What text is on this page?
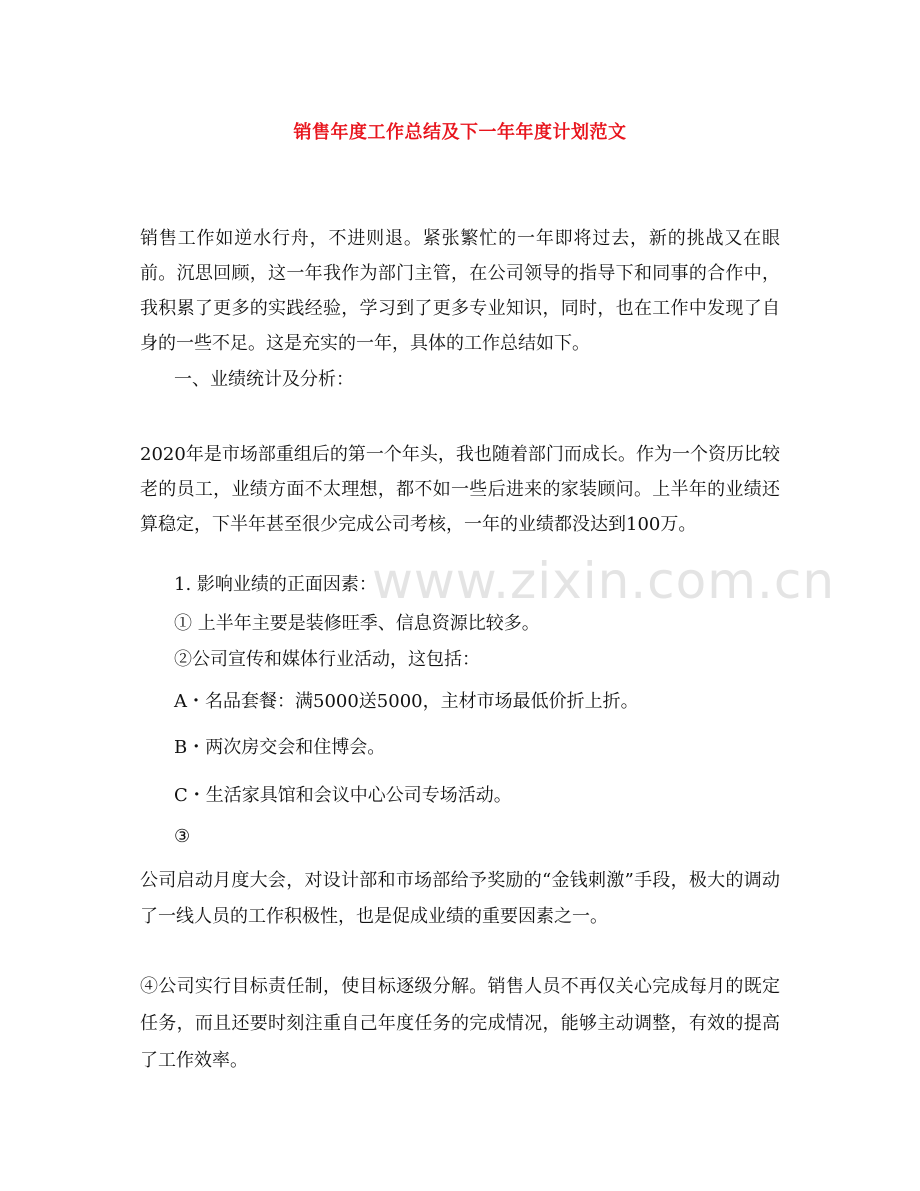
www.zixin.com.cn
销售年度工作总结及下一年年度计划范文

销售工作如逆水行舟，不进则退。紧张繁忙的一年即将过去，新的挑战又在眼前。沉思回顾，这一年我作为部门主管，在公司领导的指导下和同事的合作中，我积累了更多的实践经验，学习到了更多专业知识，同时，也在工作中发现了自身的一些不足。这是充实的一年，具体的工作总结如下。

一、业绩统计及分析：

2020年是市场部重组后的第一个年头，我也随着部门而成长。作为一个资历比较老的员工，业绩方面不太理想，都不如一些后进来的家装顾问。上半年的业绩还算稳定，下半年甚至很少完成公司考核，一年的业绩都没达到100万。

1. 影响业绩的正面因素：

① 上半年主要是装修旺季、信息资源比较多。

②公司宣传和媒体行业活动，这包括：

A・名品套餐：满5000送5000，主材市场最低价折上折。

B・两次房交会和住博会。

C・生活家具馆和会议中心公司专场活动。

③

公司启动月度大会，对设计部和市场部给予奖励的“金钱刺激”手段，极大的调动了一线人员的工作积极性，也是促成业绩的重要因素之一。

④公司实行目标责任制，使目标逐级分解。销售人员不再仅关心完成每月的既定任务，而且还要时刻注重自己年度任务的完成情况，能够主动调整，有效的提高了工作效率。
